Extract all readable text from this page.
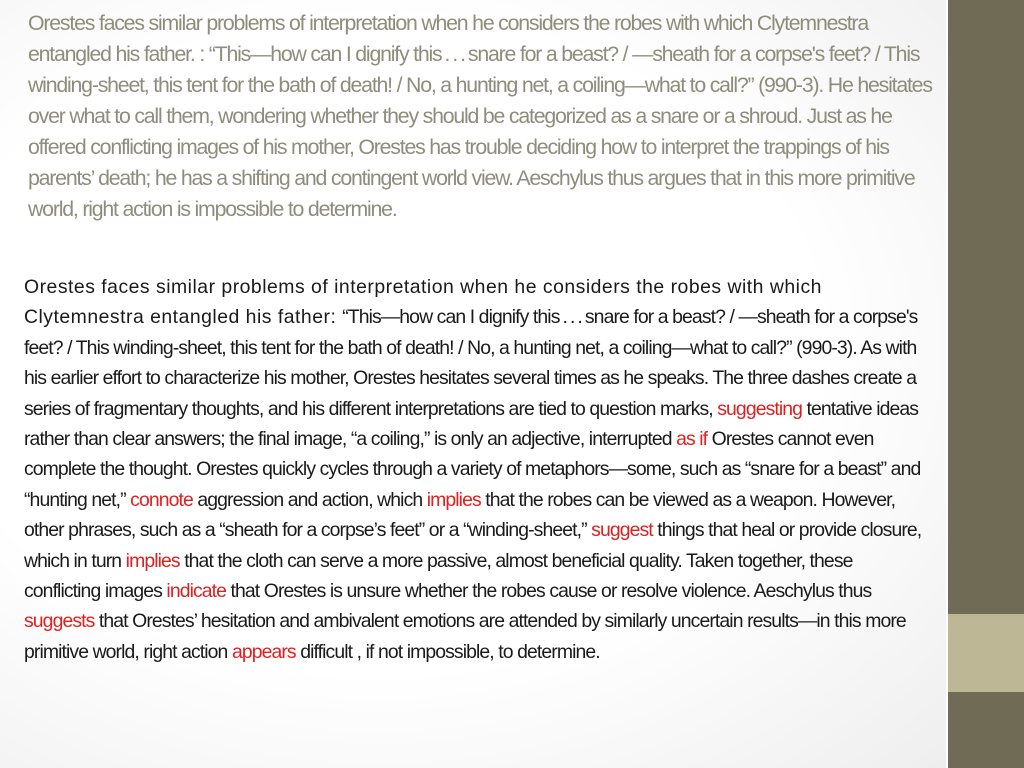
Orestes faces similar problems of interpretation when he considers the robes with which Clytemnestra entangled his father. : “This—how can I dignify this . . . snare for a beast? / —sheath for a corpse's feet? / This winding-sheet, this tent for the bath of death! / No, a hunting net, a coiling—what to call?” (990-3). He hesitates over what to call them, wondering whether they should be categorized as a snare or a shroud. Just as he offered conflicting images of his mother, Orestes has trouble deciding how to interpret the trappings of his parents’ death; he has a shifting and contingent world view. Aeschylus thus argues that in this more primitive world, right action is impossible to determine.

Orestes faces similar problems of interpretation when he considers the robes with which Clytemnestra entangled his father: “This—how can I dignify this . . . snare for a beast? / —sheath for a corpse's feet? / This winding-sheet, this tent for the bath of death! / No, a hunting net, a coiling—what to call?” (990-3). As with his earlier effort to characterize his mother, Orestes hesitates several times as he speaks. The three dashes create a series of fragmentary thoughts, and his different interpretations are tied to question marks, suggesting tentative ideas rather than clear answers; the final image, “a coiling,” is only an adjective, interrupted as if Orestes cannot even complete the thought. Orestes quickly cycles through a variety of metaphors—some, such as “snare for a beast” and “hunting net,” connote aggression and action, which implies that the robes can be viewed as a weapon. However, other phrases, such as a “sheath for a corpse’s feet” or a “winding-sheet,” suggest things that heal or provide closure, which in turn implies that the cloth can serve a more passive, almost beneficial quality. Taken together, these conflicting images indicate that Orestes is unsure whether the robes cause or resolve violence. Aeschylus thus suggests that Orestes’ hesitation and ambivalent emotions are attended by similarly uncertain results—in this more primitive world, right action appears difficult , if not impossible, to determine.
